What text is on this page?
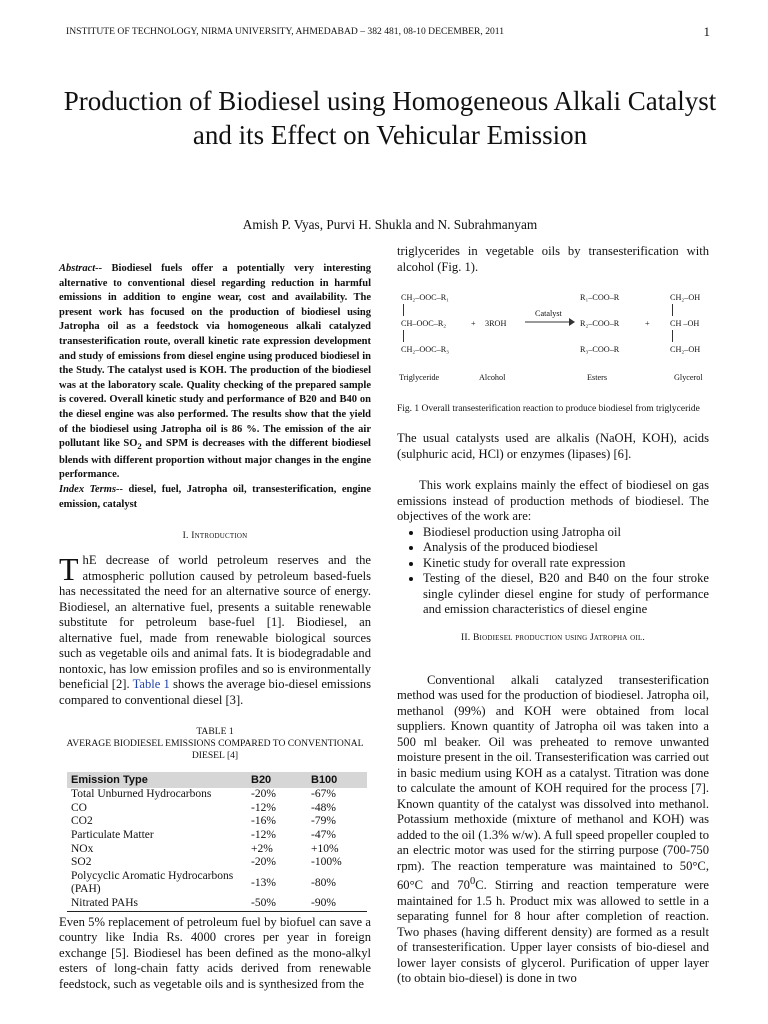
INSTITUTE OF TECHNOLOGY, NIRMA UNIVERSITY, AHMEDABAD – 382 481, 08-10 DECEMBER, 2011	1
Production of Biodiesel using Homogeneous Alkali Catalyst and its Effect on Vehicular Emission
Amish P. Vyas, Purvi H. Shukla and N. Subrahmanyam
Abstract-- Biodiesel fuels offer a potentially very interesting alternative to conventional diesel regarding reduction in harmful emissions in addition to engine wear, cost and availability. The present work has focused on the production of biodiesel using Jatropha oil as a feedstock via homogeneous alkali catalyzed transesterification route, overall kinetic rate expression development and study of emissions from diesel engine using produced biodiesel in the Study. The catalyst used is KOH. The production of the biodiesel was at the laboratory scale. Quality checking of the prepared sample is covered. Overall kinetic study and performance of B20 and B40 on the diesel engine was also performed. The results show that the yield of the biodiesel using Jatropha oil is 86 %. The emission of the air pollutant like $SO_2$ and SPM is decreases with the different biodiesel blends with different proportion without major changes in the engine performance.
Index Terms-- diesel, fuel, Jatropha oil, transesterification, engine emission, catalyst

I. Introduction

ThE decrease of world petroleum reserves and the atmospheric pollution caused by petroleum based-fuels has necessitated the need for an alternative source of energy. Biodiesel, an alternative fuel, presents a suitable renewable substitute for petroleum base-fuel [1]. Biodiesel, an alternative fuel, made from renewable biological sources such as vegetable oils and animal fats. It is biodegradable and nontoxic, has low emission profiles and so is environmentally beneficial [2]. Table 1 shows the average bio-diesel emissions compared to conventional diesel [3].

TABLE 1

AVERAGE BIODIESEL EMISSIONS COMPARED TO CONVENTIONAL DIESEL [4]

Emission Type	B20	B100
Total Unburned Hydrocarbons	-20%	-67%
CO	-12%	-48%
CO2	-16%	-79%
Particulate Matter	-12%	-47%
NOx	+2%	+10%
SO2	-20%	-100%
Polycyclic Aromatic Hydrocarbons (PAH)	-13%	-80%
Nitrated PAHs	-50%	-90%

Even 5% replacement of petroleum fuel by biofuel can save a country like India Rs. 4000 crores per year in foreign exchange [5]. Biodiesel has been defined as the mono-alkyl esters of long-chain fatty acids derived from renewable feedstock, such as vegetable oils and is synthesized from the

triglycerides in vegetable oils by transesterification with alcohol (Fig. 1).

CH₂–OOC–R₁
CH–OOC–R₂
CH₂–OOC–R₃
+ 3ROH
Catalyst
R₁–COO–R
R₂–COO–R
R₃–COO–R
+
CH₂–OH
CH –OH
CH₂–OH
Triglyceride	Alcohol	Esters	Glycerol

Fig. 1 Overall transesterification reaction to produce biodiesel from triglyceride

The usual catalysts used are alkalis (NaOH, KOH), acids (sulphuric acid, HCl) or enzymes (lipases) [6].

This work explains mainly the effect of biodiesel on gas emissions instead of production methods of biodiesel. The objectives of the work are:

• Biodiesel production using Jatropha oil
• Analysis of the produced biodiesel
• Kinetic study for overall rate expression
• Testing of the diesel, B20 and B40 on the four stroke single cylinder diesel engine for study of performance and emission characteristics of diesel engine

II. Biodiesel production using Jatropha oil.

Conventional alkali catalyzed transesterification method was used for the production of biodiesel. Jatropha oil, methanol (99%) and KOH were obtained from local suppliers. Known quantity of Jatropha oil was taken into a 500 ml beaker. Oil was preheated to remove unwanted moisture present in the oil. Transesterification was carried out in basic medium using KOH as a catalyst. Titration was done to calculate the amount of KOH required for the process [7]. Known quantity of the catalyst was dissolved into methanol. Potassium methoxide (mixture of methanol and KOH) was added to the oil (1.3% w/w). A full speed propeller coupled to an electric motor was used for the stirring purpose (700-750 rpm). The reaction temperature was maintained to 50°C, 60°C and $70^0C$. Stirring and reaction temperature were maintained for 1.5 h. Product mix was allowed to settle in a separating funnel for 8 hour after completion of reaction. Two phases (having different density) are formed as a result of transesterification. Upper layer consists of bio-diesel and lower layer consists of glycerol. Purification of upper layer (to obtain bio-diesel) is done in two
